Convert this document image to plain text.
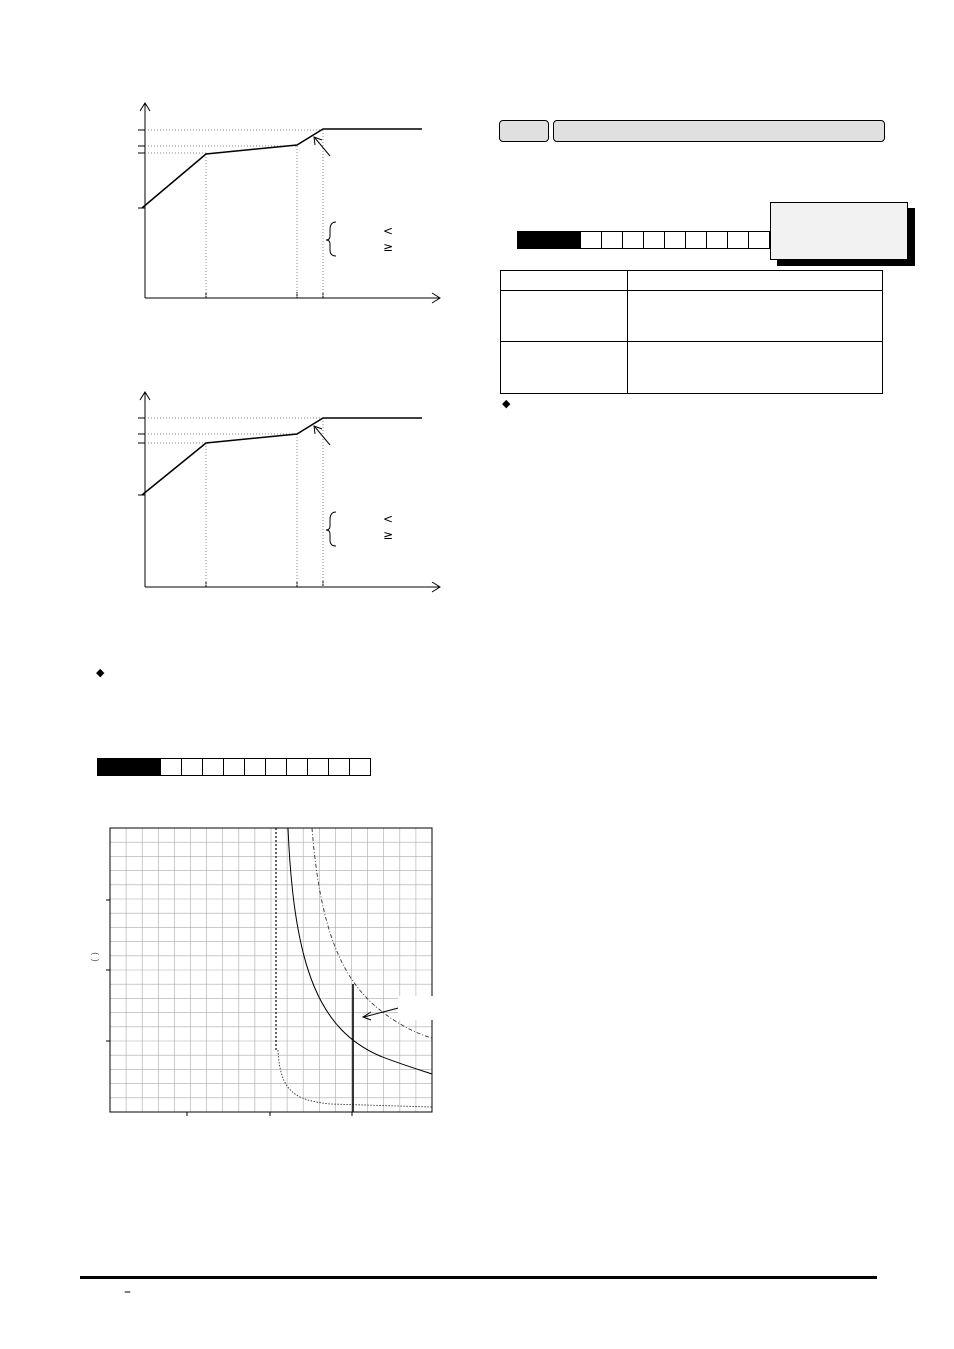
<
≥
<
≥
◆
( )

◆
–
